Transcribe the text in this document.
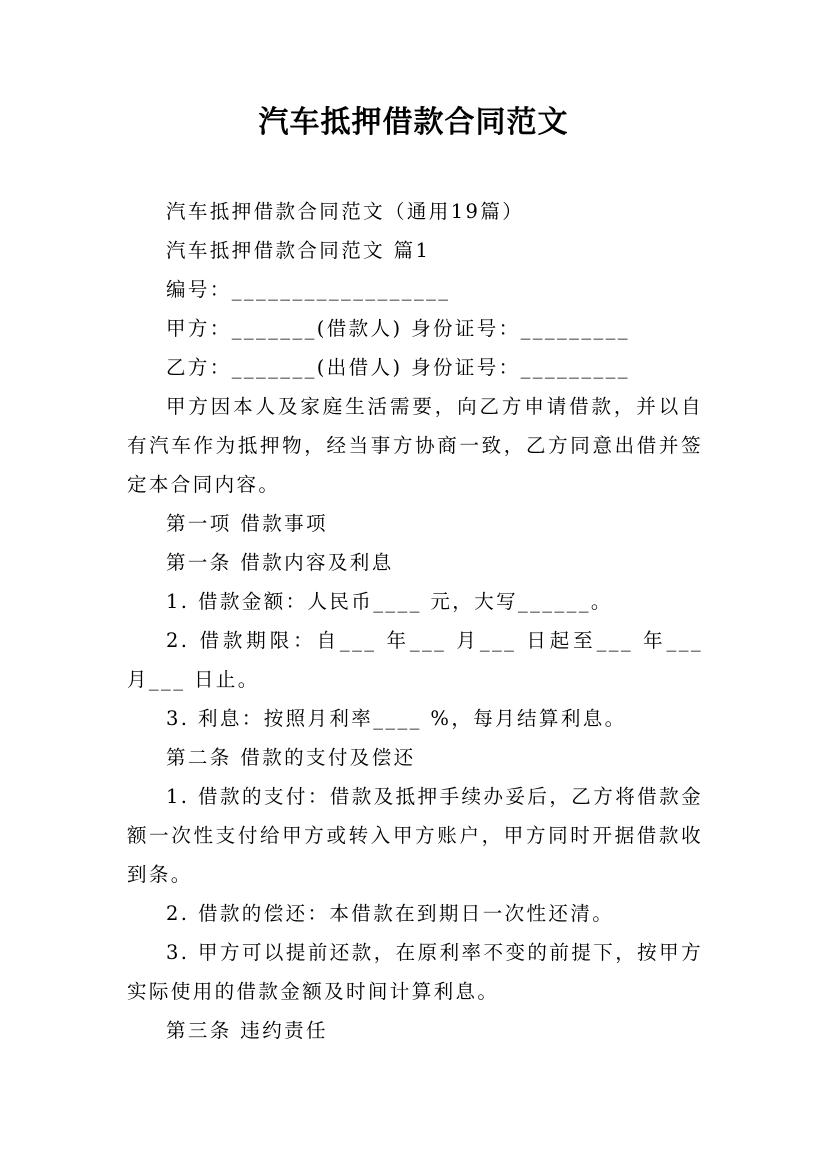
汽车抵押借款合同范文

汽车抵押借款合同范文（通用19篇）

汽车抵押借款合同范文 篇1

编号：__________________

甲方：_______(借款人) 身份证号：_________

乙方：_______(出借人) 身份证号：_________

甲方因本人及家庭生活需要，向乙方申请借款，并以自有汽车作为抵押物，经当事方协商一致，乙方同意出借并签定本合同内容。

第一项 借款事项

第一条 借款内容及利息

1. 借款金额：人民币____ 元，大写______。

2. 借款期限：自___ 年___ 月___ 日起至___ 年___ 月___ 日止。

3. 利息：按照月利率____ %，每月结算利息。

第二条 借款的支付及偿还

1. 借款的支付：借款及抵押手续办妥后，乙方将借款金额一次性支付给甲方或转入甲方账户，甲方同时开据借款收到条。

2. 借款的偿还：本借款在到期日一次性还清。

3. 甲方可以提前还款，在原利率不变的前提下，按甲方实际使用的借款金额及时间计算利息。

第三条 违约责任
